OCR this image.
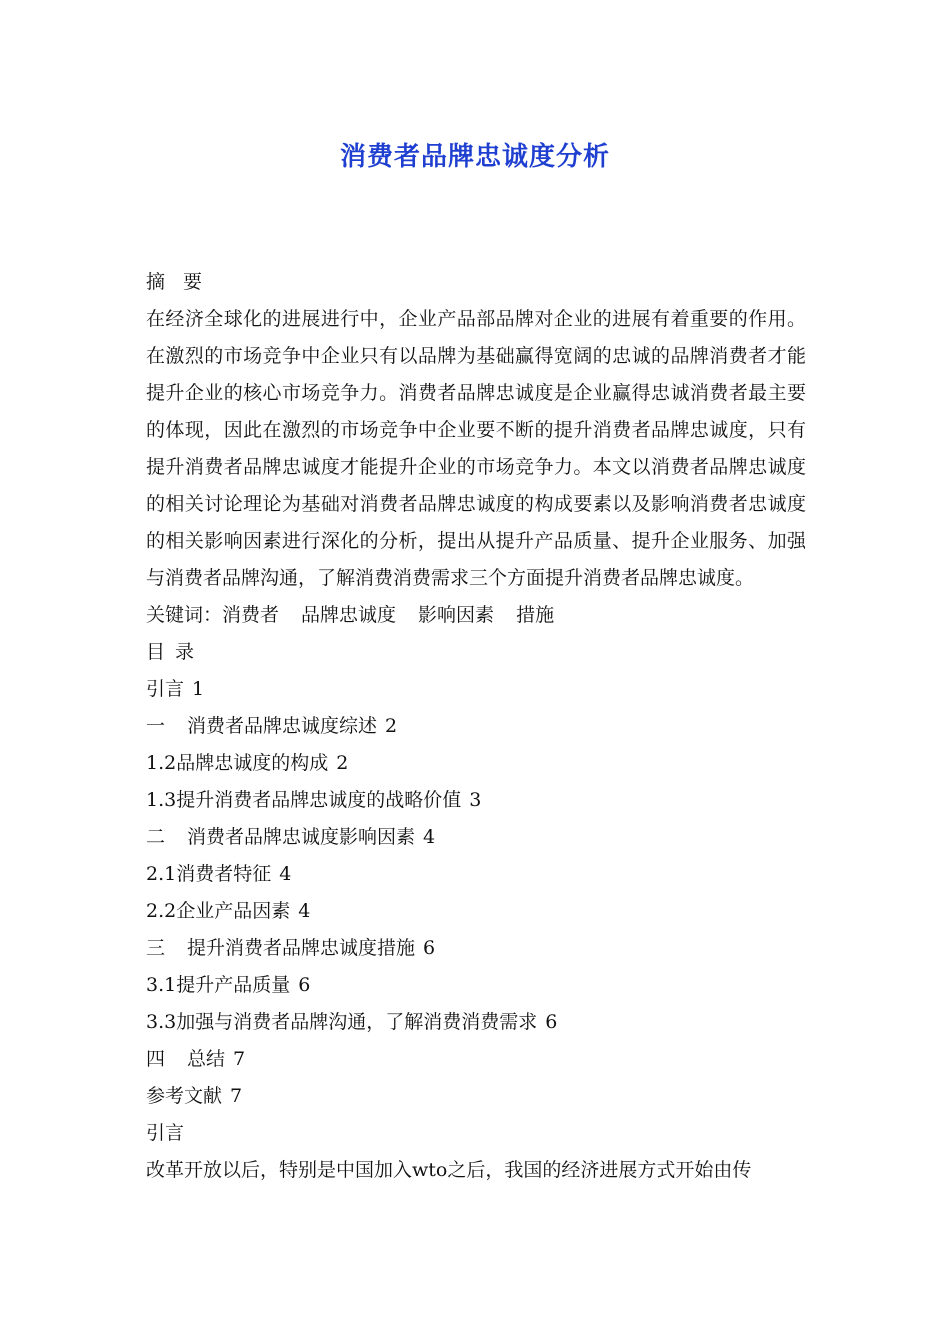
消费者品牌忠诚度分析
摘要
在经济全球化的进展进行中，企业产品部品牌对企业的进展有着重要的作用。在激烈的市场竞争中企业只有以品牌为基础赢得宽阔的忠诚的品牌消费者才能提升企业的核心市场竞争力。消费者品牌忠诚度是企业赢得忠诚消费者最主要的体现，因此在激烈的市场竞争中企业要不断的提升消费者品牌忠诚度，只有提升消费者品牌忠诚度才能提升企业的市场竞争力。本文以消费者品牌忠诚度的相关讨论理论为基础对消费者品牌忠诚度的构成要素以及影响消费者忠诚度的相关影响因素进行深化的分析，提出从提升产品质量、提升企业服务、加强与消费者品牌沟通，了解消费消费需求三个方面提升消费者品牌忠诚度。
关键词：消费者 品牌忠诚度 影响因素 措施
目录
引言 1
一 消费者品牌忠诚度综述 2
1.2品牌忠诚度的构成 2
1.3提升消费者品牌忠诚度的战略价值 3
二 消费者品牌忠诚度影响因素 4
2.1消费者特征 4
2.2企业产品因素 4
三 提升消费者品牌忠诚度措施 6
3.1提升产品质量 6
3.3加强与消费者品牌沟通，了解消费消费需求 6
四 总结 7
参考文献 7
引言
改革开放以后，特别是中国加入wto之后，我国的经济进展方式开始由传
